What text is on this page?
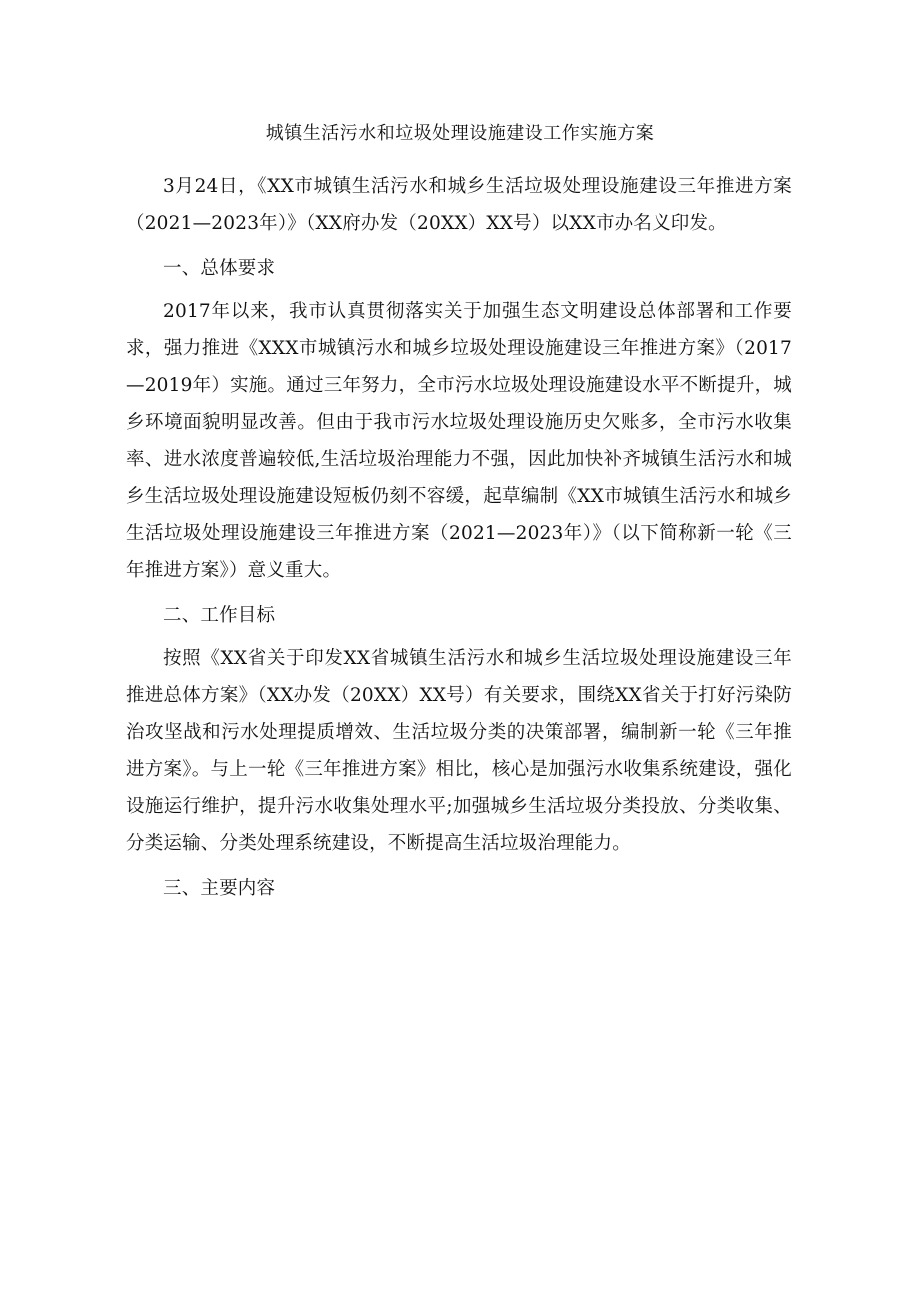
城镇生活污水和垃圾处理设施建设工作实施方案

3月24日，《XX市城镇生活污水和城乡生活垃圾处理设施建设三年推进方案（2021—2023年）》（XX府办发（20XX）XX号）以XX市办名义印发。

一、总体要求

2017年以来，我市认真贯彻落实关于加强生态文明建设总体部署和工作要求，强力推进《XXX市城镇污水和城乡垃圾处理设施建设三年推进方案》（2017—2019年）实施。通过三年努力，全市污水垃圾处理设施建设水平不断提升，城乡环境面貌明显改善。但由于我市污水垃圾处理设施历史欠账多，全市污水收集率、进水浓度普遍较低,生活垃圾治理能力不强，因此加快补齐城镇生活污水和城乡生活垃圾处理设施建设短板仍刻不容缓，起草编制《XX市城镇生活污水和城乡生活垃圾处理设施建设三年推进方案（2021—2023年）》（以下简称新一轮《三年推进方案》）意义重大。

二、工作目标

按照《XX省关于印发XX省城镇生活污水和城乡生活垃圾处理设施建设三年推进总体方案》（XX办发（20XX）XX号）有关要求，围绕XX省关于打好污染防治攻坚战和污水处理提质增效、生活垃圾分类的决策部署，编制新一轮《三年推进方案》。与上一轮《三年推进方案》相比，核心是加强污水收集系统建设，强化设施运行维护，提升污水收集处理水平;加强城乡生活垃圾分类投放、分类收集、分类运输、分类处理系统建设，不断提高生活垃圾治理能力。

三、主要内容
